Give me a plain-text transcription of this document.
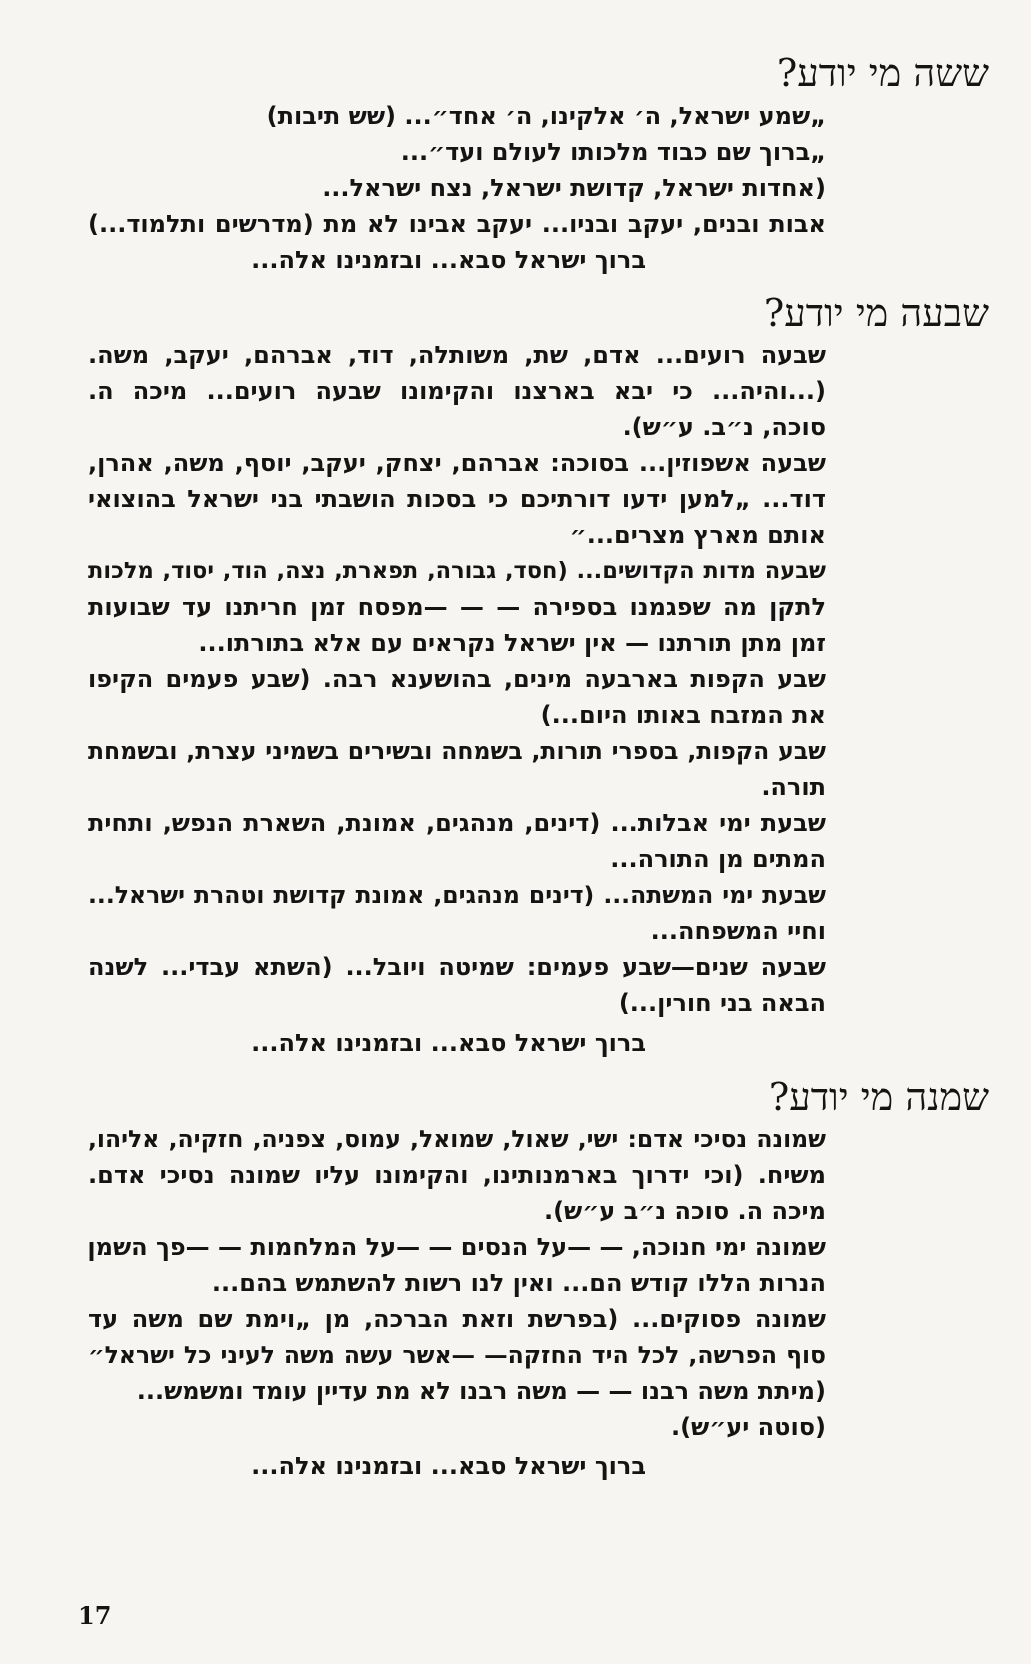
ששה מי יודע?
„שמע ישראל, ה׳ אלקינו, ה׳ אחד״... (שש תיבות)
„ברוך שם כבוד מלכותו לעולם ועד״...
(אחדות ישראל, קדושת ישראל, נצח ישראל...
אבות ובנים, יעקב ובניו... יעקב אבינו לא מת (מדרשים ותלמוד...)
ברוך ישראל סבא... ובזמנינו אלה...
שבעה מי יודע?
שבעה רועים... אדם, שת, משותלה, דוד, אברהם, יעקב, משה.
(...והיה... כי יבא בארצנו והקימונו שבעה רועים... מיכה ה.
סוכה, נ״ב. ע״ש).
שבעה אשפוזין... בסוכה: אברהם, יצחק, יעקב, יוסף, משה, אהרן,
דוד... „למען ידעו דורתיכם כי בסכות הושבתי בני ישראל בהוצואי
אותם מארץ מצרים...״
שבעה מדות הקדושים... (חסד, גבורה, תפארת, נצה, הוד, יסוד, מלכות
לתקן מה שפגמנו בספירה — — —מפסח זמן חריתנו עד שבועות
זמן מתן תורתנו — אין ישראל נקראים עם אלא בתורתו...
שבע הקפות בארבעה מינים, בהושענא רבה. (שבע פעמים הקיפו
את המזבח באותו היום...)
שבע הקפות, בספרי תורות, בשמחה ובשירים בשמיני עצרת, ובשמחת
תורה.
שבעת ימי אבלות... (דינים, מנהגים, אמונת, השארת הנפש, ותחית
המתים מן התורה...
שבעת ימי המשתה... (דינים מנהגים, אמונת קדושת וטהרת ישראל...
וחיי המשפחה...
שבעה שנים—שבע פעמים: שמיטה ויובל... (השתא עבדי... לשנה
הבאה בני חורין...)
ברוך ישראל סבא... ובזמנינו אלה...
שמנה מי יודע?
שמונה נסיכי אדם: ישי, שאול, שמואל, עמוס, צפניה, חזקיה, אליהו,
משיח. (וכי ידרוך בארמנותינו, והקימונו עליו שמונה נסיכי אדם.
מיכה ה. סוכה נ״ב ע״ש).
שמונה ימי חנוכה, — —על הנסים — —על המלחמות — —פך השמן
הנרות הללו קודש הם... ואין לנו רשות להשתמש בהם...
שמונה פסוקים... (בפרשת וזאת הברכה, מן „וימת שם משה עד
סוף הפרשה, לכל היד החזקה— —אשר עשה משה לעיני כל ישראל״
(מיתת משה רבנו — — משה רבנו לא מת עדיין עומד ומשמש...
(סוטה יע״ש).
ברוך ישראל סבא... ובזמנינו אלה...
17
